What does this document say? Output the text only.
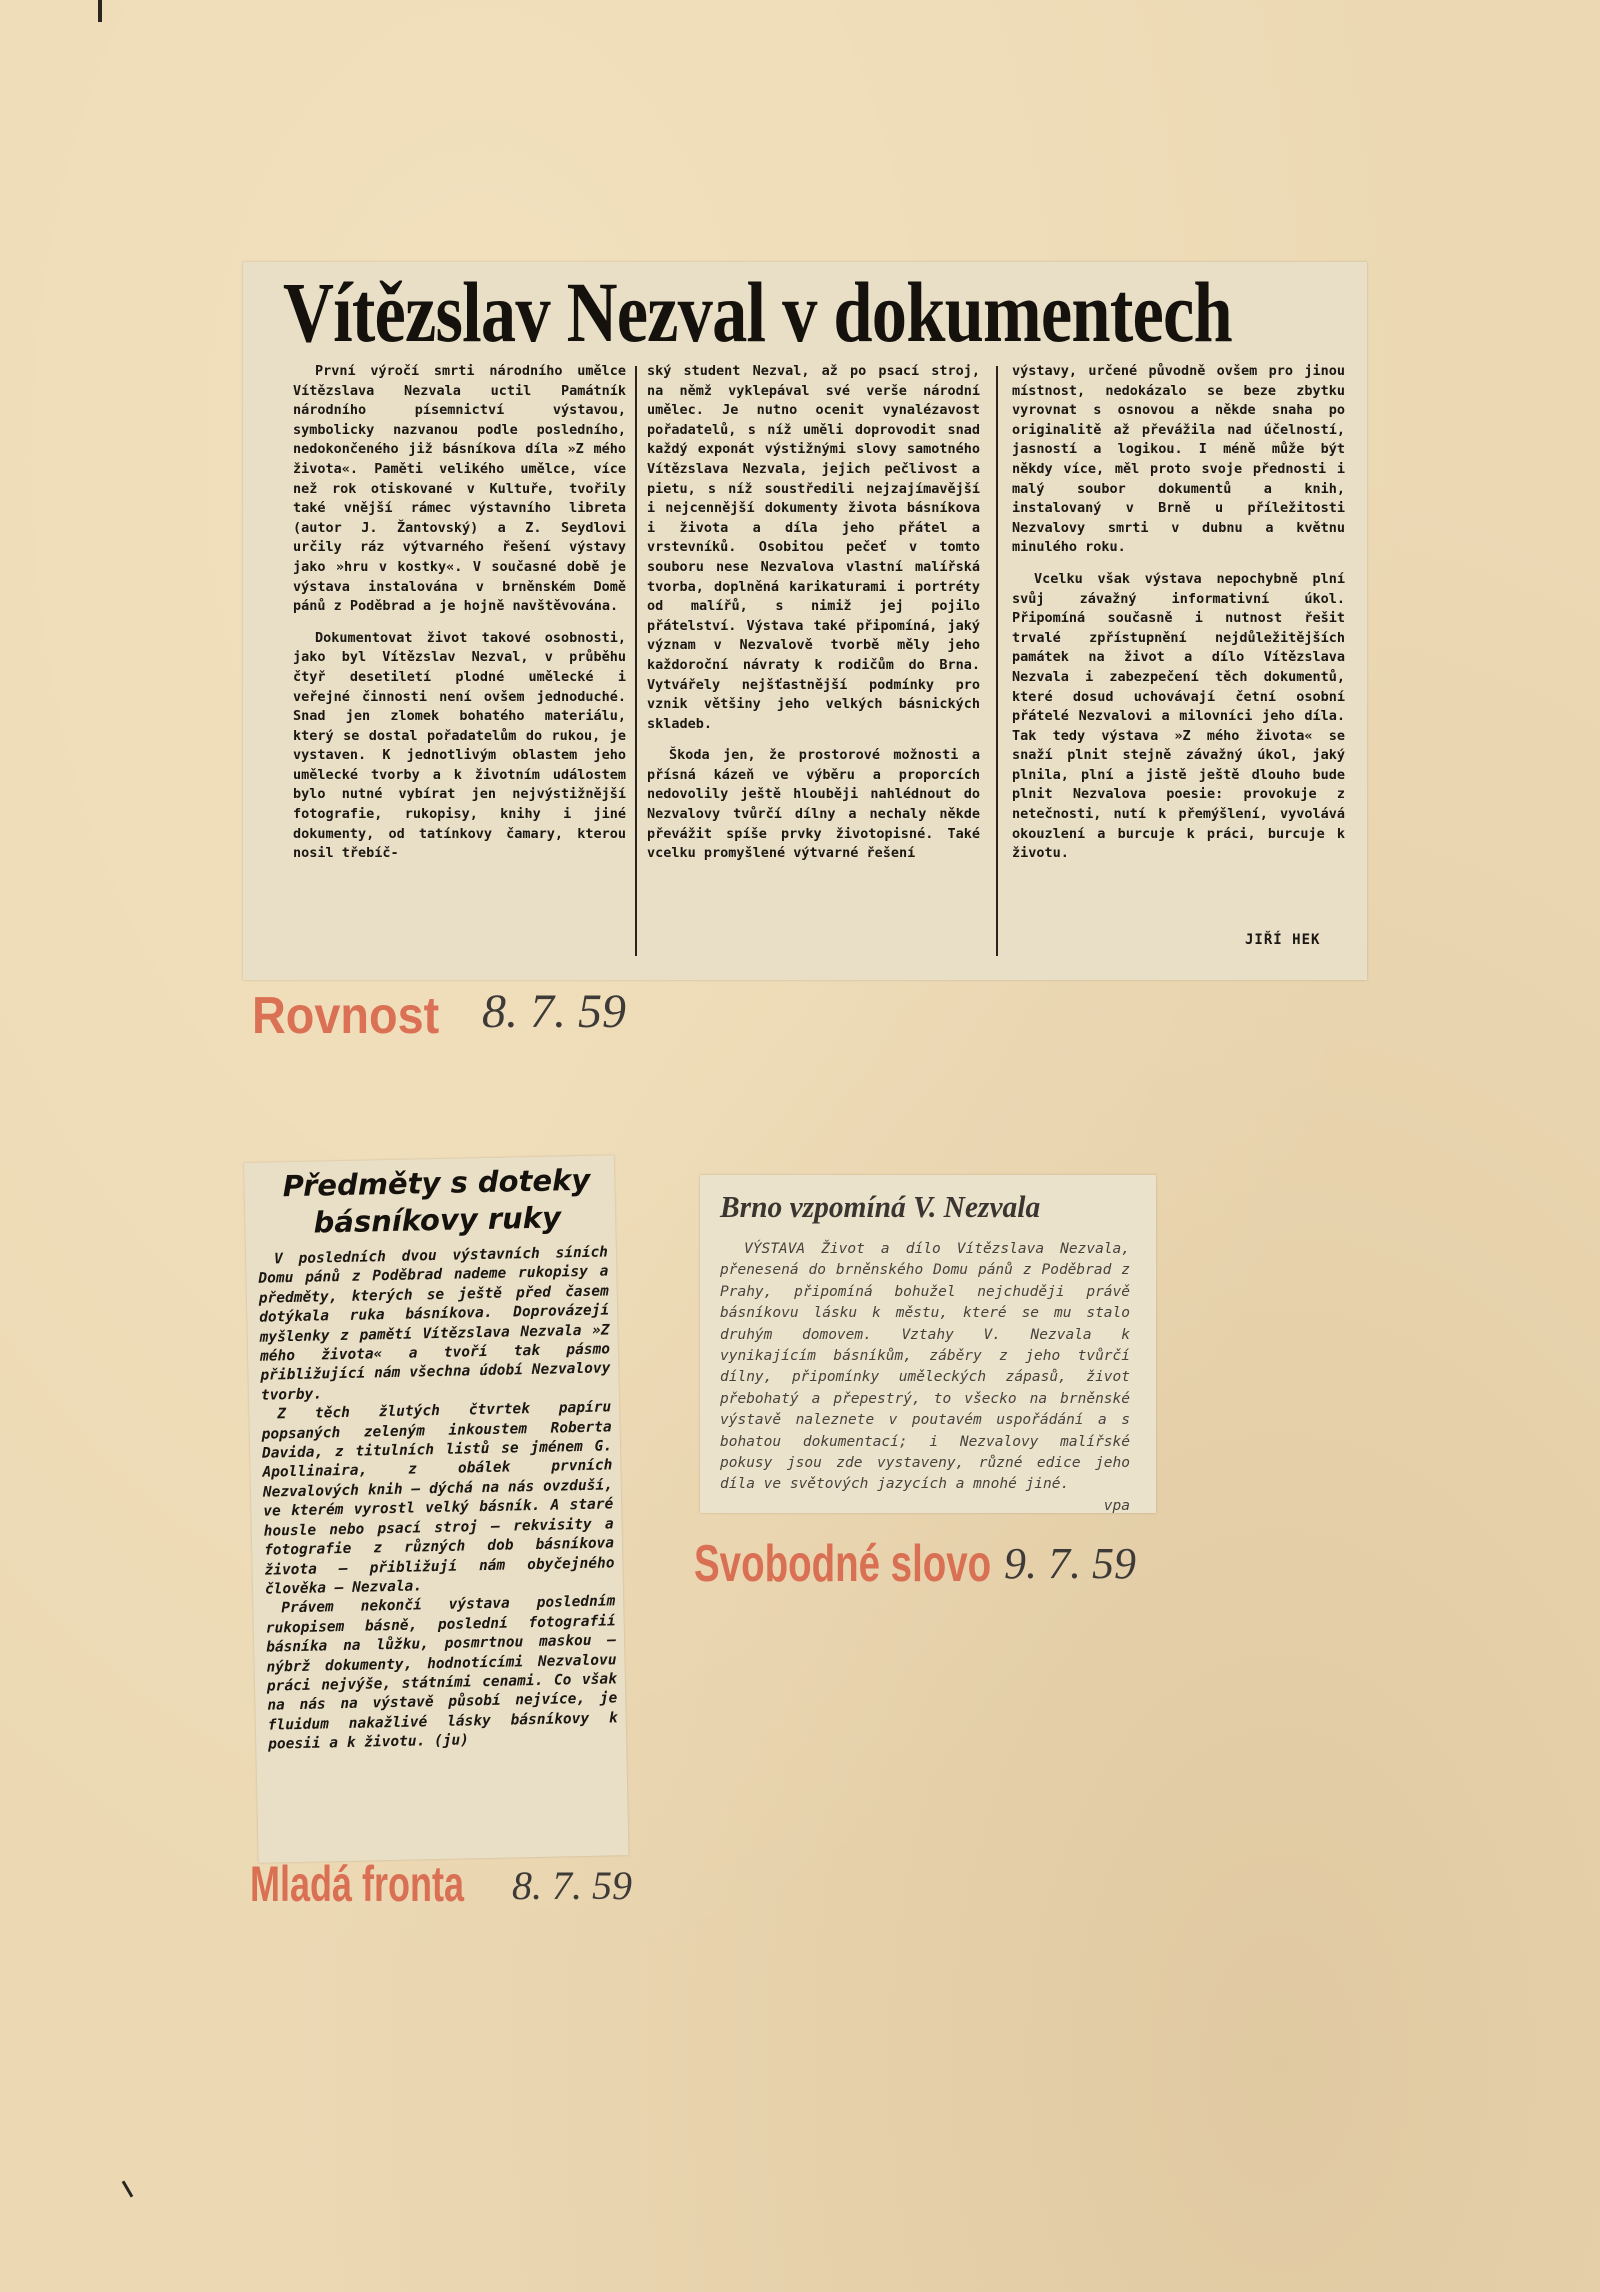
Vítězslav Nezval v dokumentech

První výročí smrti národního umělce Vítězslava Nezvala uctil Památník národního písemnictví výstavou, symbolicky nazvanou podle posledního, nedokončeného již básníkova díla »Z mého života«. Paměti velikého umělce, více než rok otiskované v Kultuře, tvořily také vnější rámec výstavního libreta (autor J. Žantovský) a Z. Seydlovi určily ráz výtvarného řešení výstavy jako »hru v kostky«. V současné době je výstava instalována v brněnském Domě pánů z Poděbrad a je hojně navštěvována.

Dokumentovat život takové osobnosti, jako byl Vítězslav Nezval, v průběhu čtyř desetiletí plodné umělecké i veřejné činnosti není ovšem jednoduché. Snad jen zlomek bohatého materiálu, který se dostal pořadatelům do rukou, je vystaven. K jednotlivým oblastem jeho umělecké tvorby a k životním událostem bylo nutné vybírat jen nejvýstižnější fotografie, rukopisy, knihy i jiné dokumenty, od tatínkovy čamary, kterou nosil třebíč-

ský student Nezval, až po psací stroj, na němž vyklepával své verše národní umělec. Je nutno ocenit vynalézavost pořadatelů, s níž uměli doprovodit snad každý exponát výstižnými slovy samotného Vítězslava Nezvala, jejich pečlivost a pietu, s níž soustředili nejzajímavější i nejcennější dokumenty života básníkova i života a díla jeho přátel a vrstevníků. Osobitou pečeť v tomto souboru nese Nezvalova vlastní malířská tvorba, doplněná karikaturami i portréty od malířů, s nimiž jej pojilo přátelství. Výstava také připomíná, jaký význam v Nezvalově tvorbě měly jeho každoroční návraty k rodičům do Brna. Vytvářely nejšťastnější podmínky pro vznik většiny jeho velkých básnických skladeb.

Škoda jen, že prostorové možnosti a přísná kázeň ve výběru a proporcích nedovolily ještě hlouběji nahlédnout do Nezvalovy tvůrčí dílny a nechaly někde převážit spíše prvky životopisné. Také vcelku promyšlené výtvarné řešení

výstavy, určené původně ovšem pro jinou místnost, nedokázalo se beze zbytku vyrovnat s osnovou a někde snaha po originalitě až převážila nad účelností, jasností a logikou. I méně může být někdy více, měl proto svoje přednosti i malý soubor dokumentů a knih, instalovaný v Brně u příležitosti Nezvalovy smrti v dubnu a květnu minulého roku.

Vcelku však výstava nepochybně plní svůj závažný informativní úkol. Připomíná současně i nutnost řešit trvalé zpřístupnění nejdůležitějších památek na život a dílo Vítězslava Nezvala i zabezpečení těch dokumentů, které dosud uchovávají četní osobní přátelé Nezvalovi a milovníci jeho díla. Tak tedy výstava »Z mého života« se snaží plnit stejně závažný úkol, jaký plnila, plní a jistě ještě dlouho bude plnit Nezvalova poesie: provokuje z netečnosti, nutí k přemýšlení, vyvolává okouzlení a burcuje k práci, burcuje k životu.

JIŘÍ HEK
Rovnost 8. 7. 59
Předměty s doteky básníkovy ruky

V posledních dvou výstavních síních Domu pánů z Poděbrad nademe rukopisy a předměty, kterých se ještě před časem dotýkala ruka básníkova. Doprovázejí myšlenky z pamětí Vítězslava Nezvala »Z mého života« a tvoří tak pásmo přibližující nám všechna údobí Nezvalovy tvorby.

Z těch žlutých čtvrtek papíru popsaných zeleným inkoustem Roberta Davida, z titulních listů se jménem G. Apollinaira, z obálek prvních Nezvalových knih — dýchá na nás ovzduší, ve kterém vyrostl velký básník. A staré housle nebo psací stroj — rekvisity a fotografie z různých dob básníkova života — přibližují nám obyčejného člověka — Nezvala.

Právem nekončí výstava posledním rukopisem básně, poslední fotografií básníka na lůžku, posmrtnou maskou — nýbrž dokumenty, hodnotícími Nezvalovu práci nejvýše, státními cenami. Co však na nás na výstavě působí nejvíce, je fluidum nakažlivé lásky básníkovy k poesii a k životu. (ju)

Mladá fronta 8. 7. 59
Brno vzpomíná V. Nezvala

VÝSTAVA Život a dílo Vítězslava Nezvala, přenesená do brněnského Domu pánů z Poděbrad z Prahy, připomíná bohužel nejchuději právě básníkovu lásku k městu, které se mu stalo druhým domovem. Vztahy V. Nezvala k vynikajícím básníkům, záběry z jeho tvůrčí dílny, připomínky uměleckých zápasů, život přebohatý a přepestrý, to všecko na brněnské výstavě naleznete v poutavém uspořádání a s bohatou dokumentací; i Nezvalovy malířské pokusy jsou zde vystaveny, různé edice jeho díla ve světových jazycích a mnohé jiné.

vpa

Svobodné slovo 9. 7. 59
